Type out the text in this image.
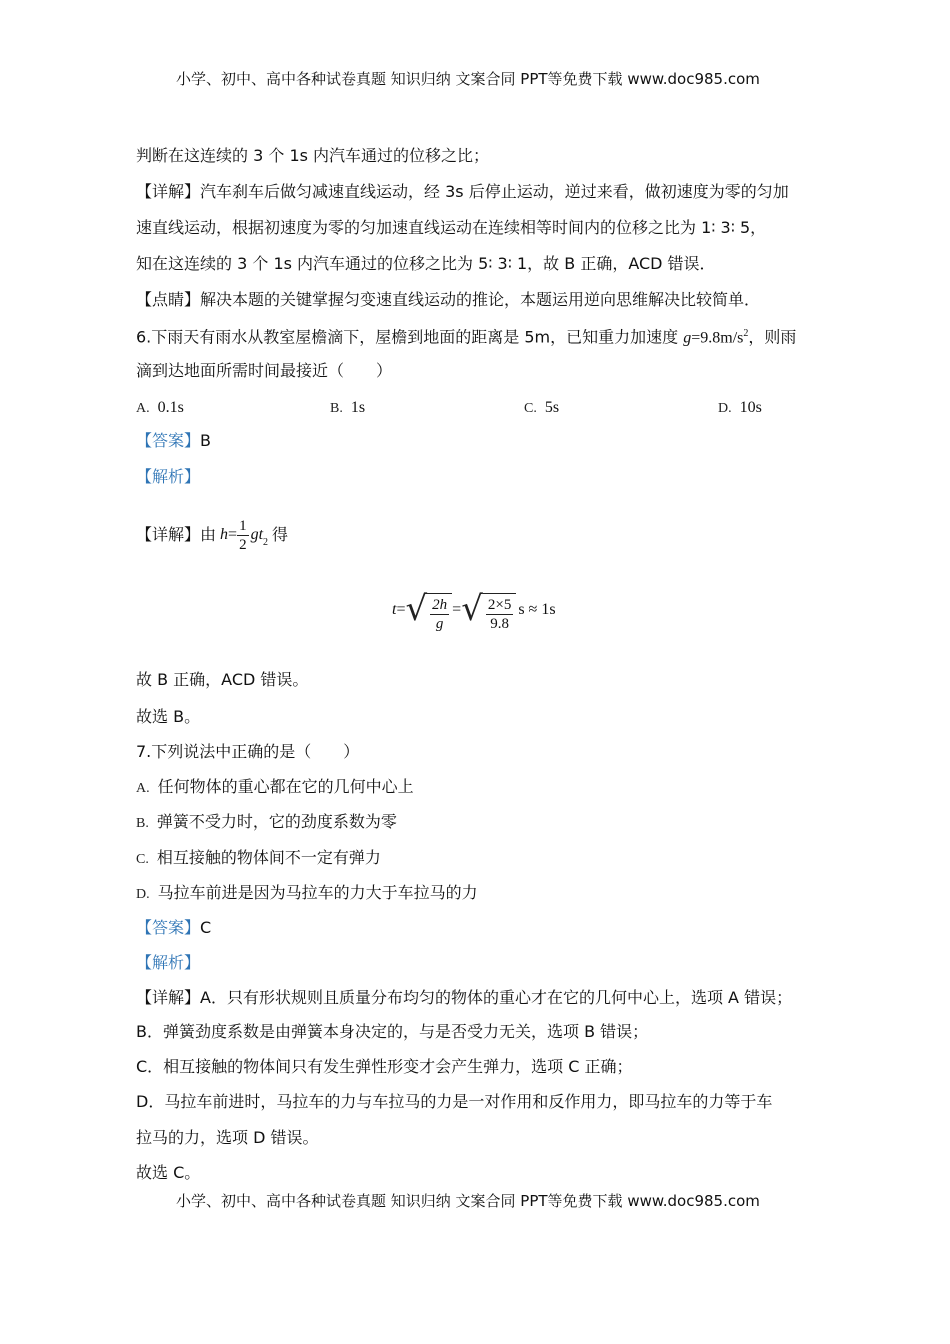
小学、初中、高中各种试卷真题 知识归纳 文案合同 PPT等免费下载 www.doc985.com
判断在这连续的 3 个 1s 内汽车通过的位移之比；
【详解】汽车刹车后做匀减速直线运动，经 3s 后停止运动，逆过来看，做初速度为零的匀加
速直线运动，根据初速度为零的匀加速直线运动在连续相等时间内的位移之比为 1∶ 3∶ 5，
知在这连续的 3 个 1s 内汽车通过的位移之比为 5∶ 3∶ 1，故 B 正确，ACD 错误．
【点睛】解决本题的关键掌握匀变速直线运动的推论，本题运用逆向思维解决比较简单．
6.下雨天有雨水从教室屋檐滴下，屋檐到地面的距离是 5m，已知重力加速度 $g=9.8m/s^2$，则雨
滴到达地面所需时间最接近（　　）
A. 0.1s	B. 1s	C. 5s	D. 10s
【答案】B
【解析】
【详解】 由 $h = \frac{1}{2} gt_2$ 得
t = √ $\frac{2h}{g}$ = √ $\frac{2\times 5}{9.8}$ s ≈ 1s
故 B 正确，ACD 错误。
故选 B。
7.下列说法中正确的是（　　）
A. 任何物体的重心都在它的几何中心上
B. 弹簧不受力时，它的劲度系数为零
C. 相互接触的物体间不一定有弹力
D. 马拉车前进是因为马拉车的力大于车拉马的力
【答案】C
【解析】
【详解】A．只有形状规则且质量分布均匀的物体的重心才在它的几何中心上，选项 A 错误；
B．弹簧劲度系数是由弹簧本身决定的，与是否受力无关，选项 B 错误；
C．相互接触的物体间只有发生弹性形变才会产生弹力，选项 C 正确；
D．马拉车前进时，马拉车的力与车拉马的力是一对作用和反作用力，即马拉车的力等于车
拉马的力，选项 D 错误。
故选 C。
小学、初中、高中各种试卷真题 知识归纳 文案合同 PPT等免费下载 www.doc985.com
